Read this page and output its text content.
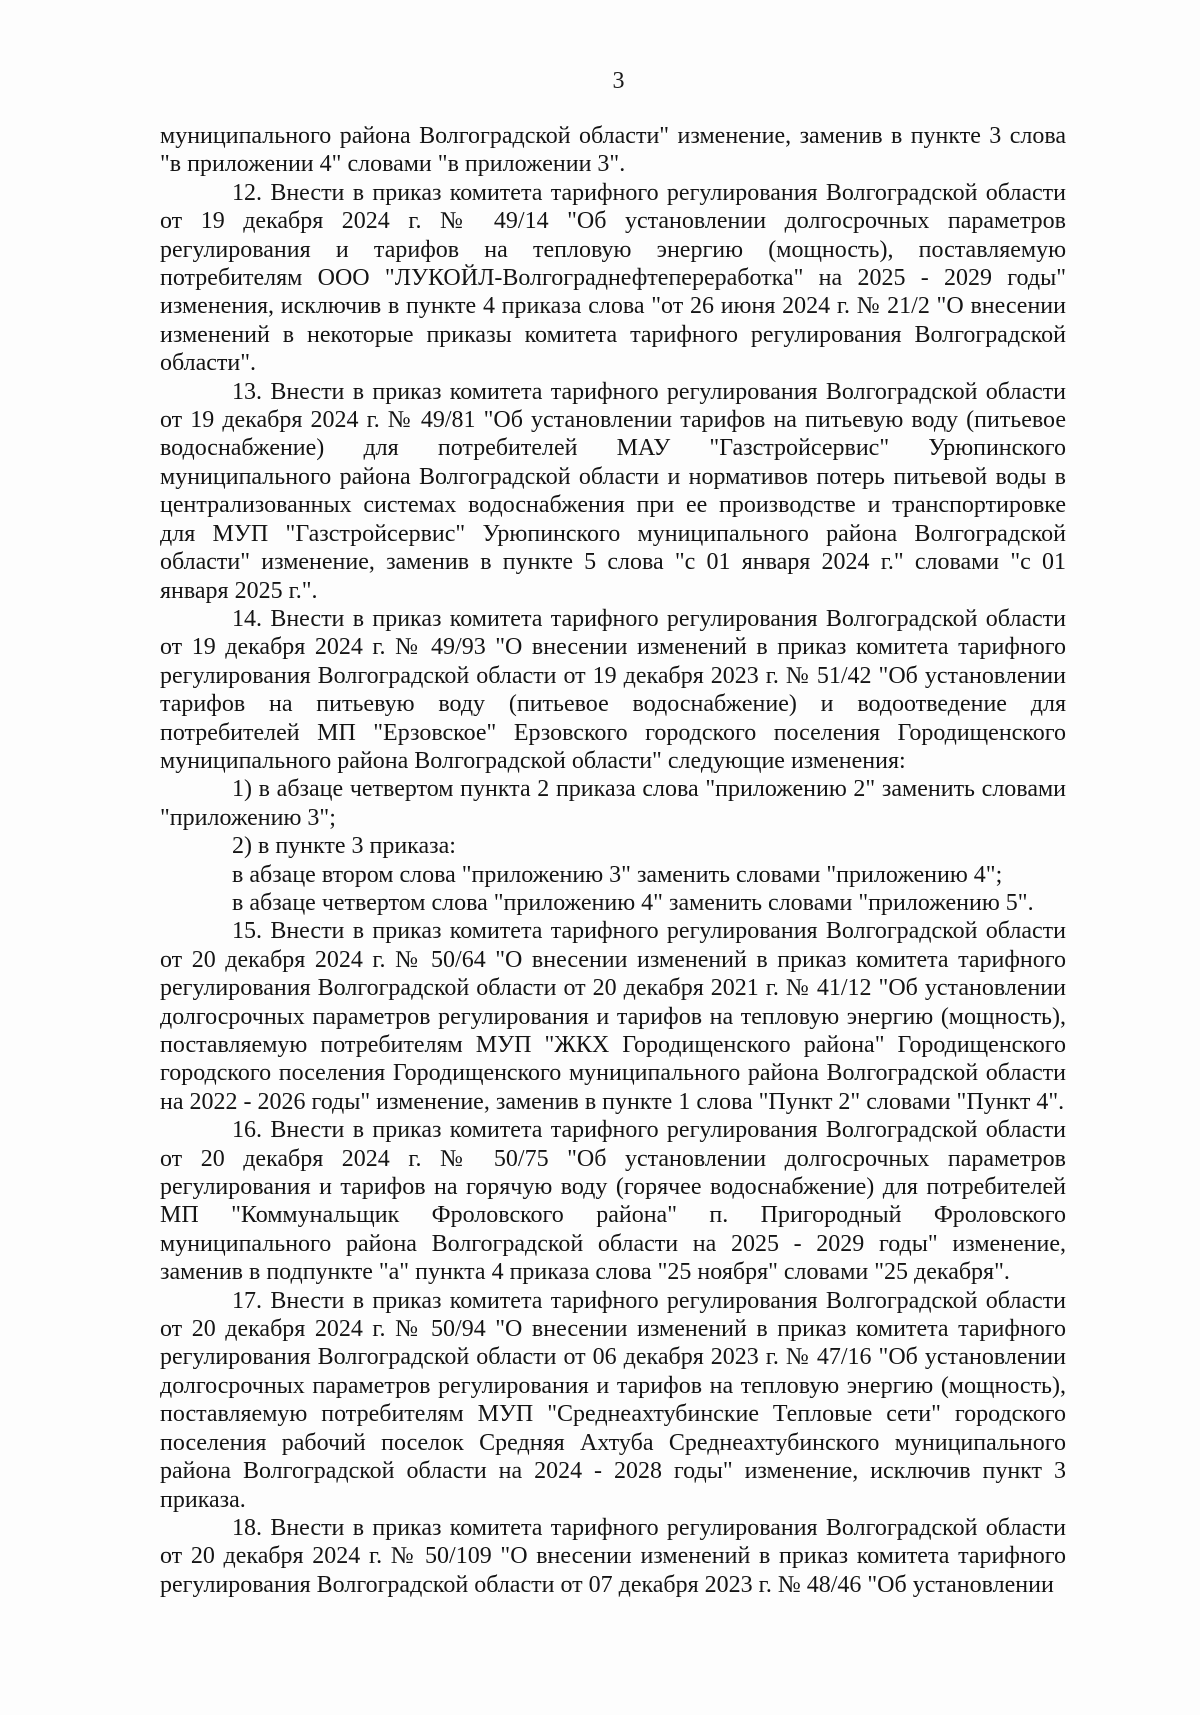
3

муниципального района Волгоградской области" изменение, заменив в пункте 3 слова "в приложении 4" словами "в приложении 3".

12. Внести в приказ комитета тарифного регулирования Волгоградской области от 19 декабря 2024 г. № 49/14 "Об установлении долгосрочных параметров регулирования и тарифов на тепловую энергию (мощность), поставляемую потребителям ООО "ЛУКОЙЛ-Волгограднефтепереработка" на 2025 - 2029 годы" изменения, исключив в пункте 4 приказа слова "от 26 июня 2024 г. № 21/2 "О внесении изменений в некоторые приказы комитета тарифного регулирования Волгоградской области".

13. Внести в приказ комитета тарифного регулирования Волгоградской области от 19 декабря 2024 г. № 49/81 "Об установлении тарифов на питьевую воду (питьевое водоснабжение) для потребителей МАУ "Газстройсервис" Урюпинского муниципального района Волгоградской области и нормативов потерь питьевой воды в централизованных системах водоснабжения при ее производстве и транспортировке для МУП "Газстройсервис" Урюпинского муниципального района Волгоградской области" изменение, заменив в пункте 5 слова "с 01 января 2024 г." словами "с 01 января 2025 г.".

14. Внести в приказ комитета тарифного регулирования Волгоградской области от 19 декабря 2024 г. № 49/93 "О внесении изменений в приказ комитета тарифного регулирования Волгоградской области от 19 декабря 2023 г. № 51/42 "Об установлении тарифов на питьевую воду (питьевое водоснабжение) и водоотведение для потребителей МП "Ерзовское" Ерзовского городского поселения Городищенского муниципального района Волгоградской области" следующие изменения:

1) в абзаце четвертом пункта 2 приказа слова "приложению 2" заменить словами "приложению 3";

2) в пункте 3 приказа:

в абзаце втором слова "приложению 3" заменить словами "приложению 4";

в абзаце четвертом слова "приложению 4" заменить словами "приложению 5".

15. Внести в приказ комитета тарифного регулирования Волгоградской области от 20 декабря 2024 г. № 50/64 "О внесении изменений в приказ комитета тарифного регулирования Волгоградской области от 20 декабря 2021 г. № 41/12 "Об установлении долгосрочных параметров регулирования и тарифов на тепловую энергию (мощность), поставляемую потребителям МУП "ЖКХ Городищенского района" Городищенского городского поселения Городищенского муниципального района Волгоградской области на 2022 - 2026 годы" изменение, заменив в пункте 1 слова "Пункт 2" словами "Пункт 4".

16. Внести в приказ комитета тарифного регулирования Волгоградской области от 20 декабря 2024 г. № 50/75 "Об установлении долгосрочных параметров регулирования и тарифов на горячую воду (горячее водоснабжение) для потребителей МП "Коммунальщик Фроловского района" п. Пригородный Фроловского муниципального района Волгоградской области на 2025 - 2029 годы" изменение, заменив в подпункте "а" пункта 4 приказа слова "25 ноября" словами "25 декабря".

17. Внести в приказ комитета тарифного регулирования Волгоградской области от 20 декабря 2024 г. № 50/94 "О внесении изменений в приказ комитета тарифного регулирования Волгоградской области от 06 декабря 2023 г. № 47/16 "Об установлении долгосрочных параметров регулирования и тарифов на тепловую энергию (мощность), поставляемую потребителям МУП "Среднеахтубинские Тепловые сети" городского поселения рабочий поселок Средняя Ахтуба Среднеахтубинского муниципального района Волгоградской области на 2024 - 2028 годы" изменение, исключив пункт 3 приказа.

18. Внести в приказ комитета тарифного регулирования Волгоградской области от 20 декабря 2024 г. № 50/109 "О внесении изменений в приказ комитета тарифного регулирования Волгоградской области от 07 декабря 2023 г. № 48/46 "Об установлении
